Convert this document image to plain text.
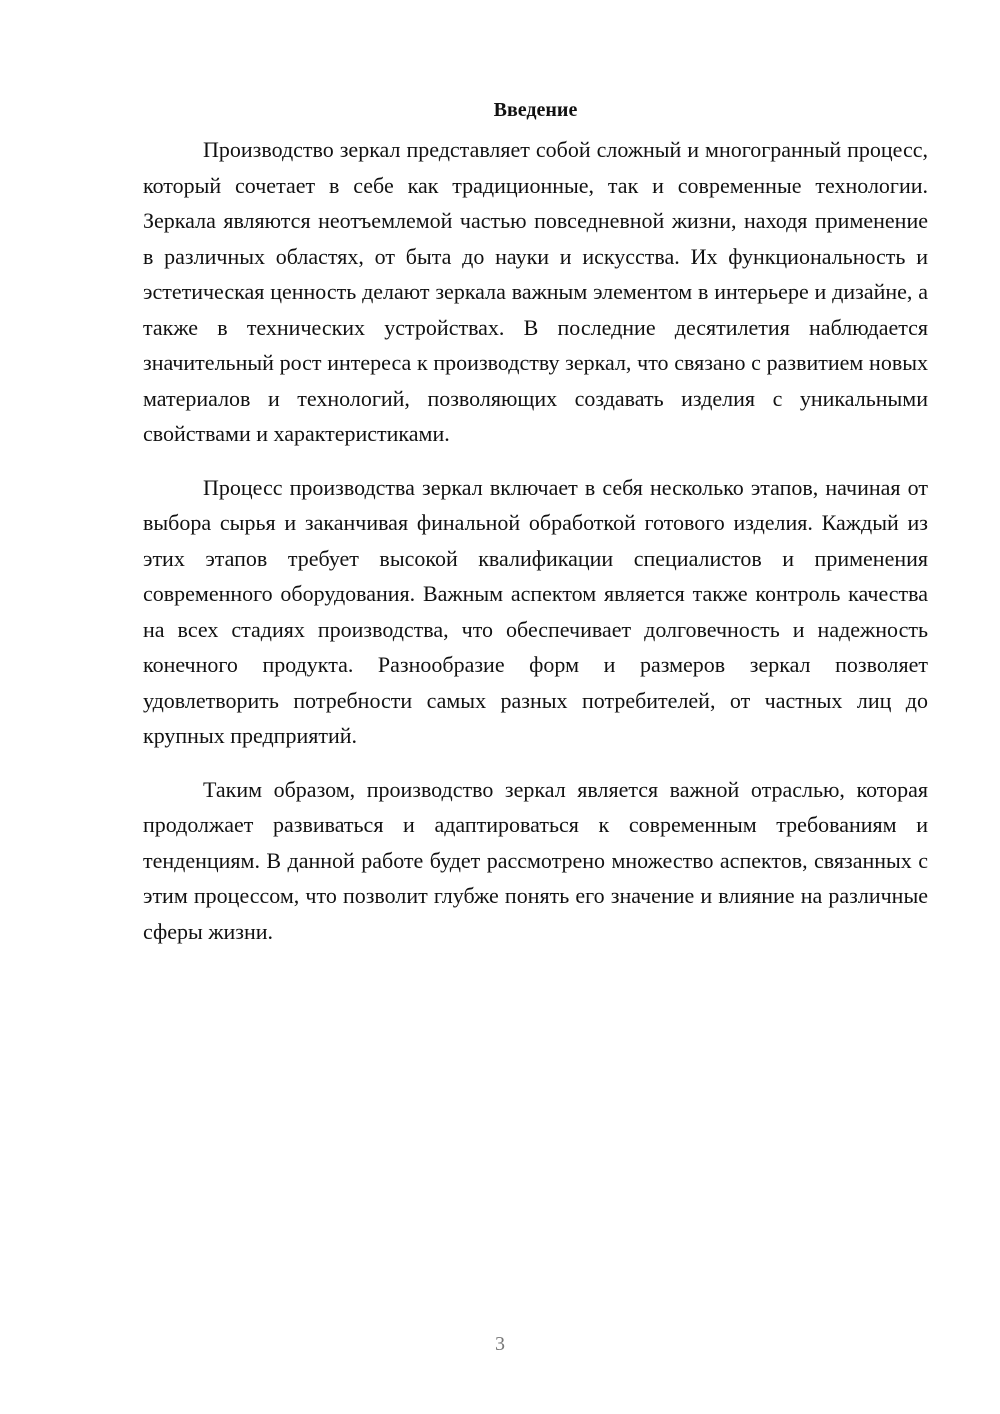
Введение

Производство зеркал представляет собой сложный и многогранный процесс, который сочетает в себе как традиционные, так и современные технологии. Зеркала являются неотъемлемой частью повседневной жизни, находя применение в различных областях, от быта до науки и искусства. Их функциональность и эстетическая ценность делают зеркала важным элементом в интерьере и дизайне, а также в технических устройствах. В последние десятилетия наблюдается значительный рост интереса к производству зеркал, что связано с развитием новых материалов и технологий, позволяющих создавать изделия с уникальными свойствами и характеристиками.

Процесс производства зеркал включает в себя несколько этапов, начиная от выбора сырья и заканчивая финальной обработкой готового изделия. Каждый из этих этапов требует высокой квалификации специалистов и применения современного оборудования. Важным аспектом является также контроль качества на всех стадиях производства, что обеспечивает долговечность и надежность конечного продукта. Разнообразие форм и размеров зеркал позволяет удовлетворить потребности самых разных потребителей, от частных лиц до крупных предприятий.

Таким образом, производство зеркал является важной отраслью, которая продолжает развиваться и адаптироваться к современным требованиям и тенденциям. В данной работе будет рассмотрено множество аспектов, связанных с этим процессом, что позволит глубже понять его значение и влияние на различные сферы жизни.

3
